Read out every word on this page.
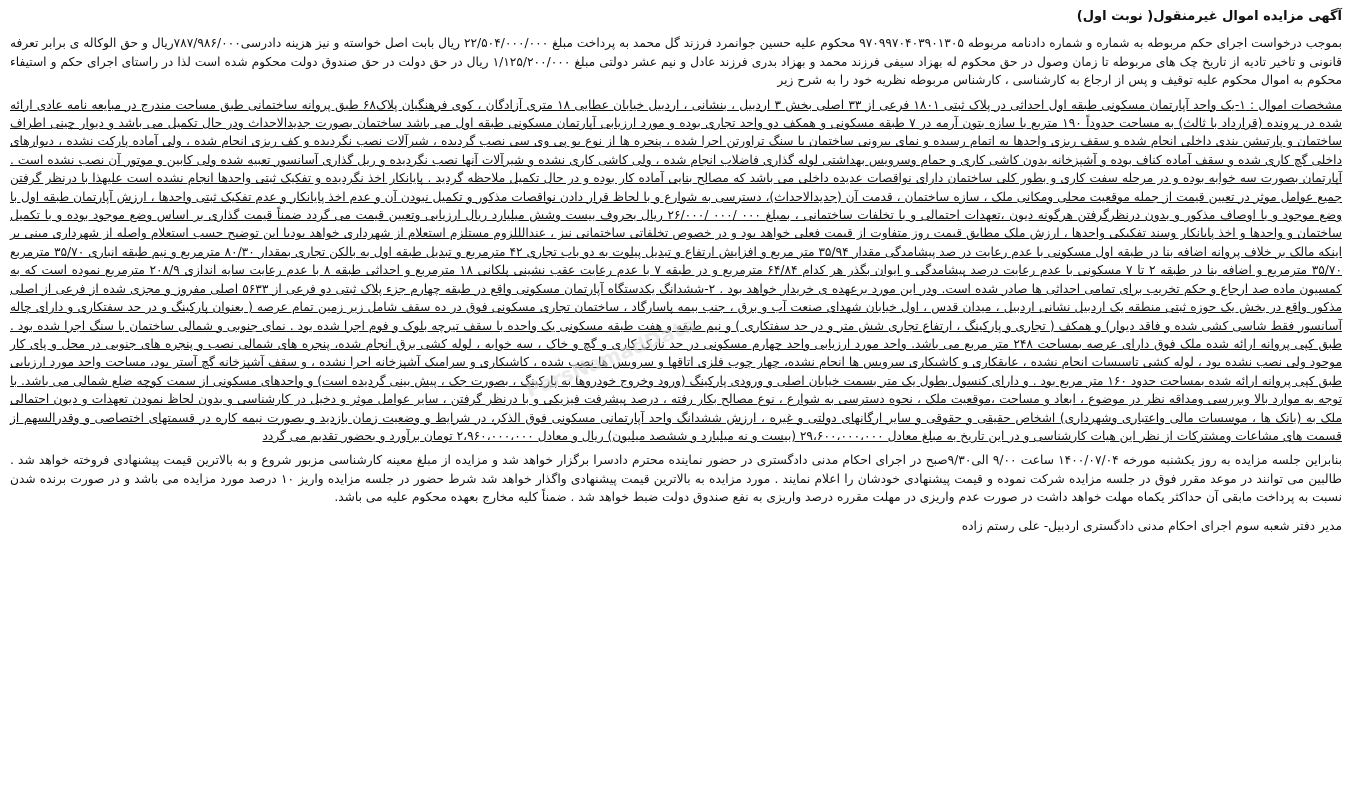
آگهی مزایده اموال غیرمنقول( نوبت اول)
بموجب درخواست اجرای حکم مربوطه به شماره و شماره دادنامه مربوطه ۹۷۰۹۹۷۰۴۰۳۹۰۱۳۰۵ محکوم علیه حسین جوانمرد فرزند گل محمد به پرداخت مبلغ ۲۲/۵۰۴/۰۰۰/۰۰۰ ریال بابت اصل خواسته و نیز هزینه دادرسی۷۸۷/۹۸۶/۰۰۰ریال و حق الوکاله ی برابر تعرفه قانونی و تاخیر تادیه از تاریخ چک های مربوطه تا زمان وصول در حق محکوم له بهزاد سیفی فرزند محمد و بهزاد بدری فرزند عادل و نیم عشر دولتی مبلغ ۱/۱۲۵/۲۰۰/۰۰۰ ریال در حق دولت در حق صندوق دولت محکوم شده است لذا در راستای اجرای حکم و استیفاء محکوم به اموال محکوم علیه توقیف و پس از ارجاع به کارشناسی ، کارشناس مربوطه نظریه خود را به شرح زیر
مشخصات اموال : ۱-یک واحد آپارتمان مسکونی طبقه اول احداثی در پلاک ثبتی ۱۸۰۱ فرعی از ۳۳ اصلی بخش ۳ اردبیل ، بنشانی ، اردبیل خیابان عطایی ۱۸ متری آزادگان ، کوی فرهنگیان پلاک۶۸ طبق پروانه ساختمانی طبق مساحت مندرج در مبایعه نامه عادی ارائه شده در پرونده (قرارداد با ثالث) به مساحت حدوداً ۱۹۰ متربع با سازه بتون آرمه در ۷ طبقه مسکونی و همکف دو واحد تجاری بوده و مورد ارزیابی آپارتمان مسکونی طبقه اول می باشد ساختمان بصورت جدیدالاحداث ودر حال تکمیل می باشد و دیوار چینی اطراف ساختمان و پارتیشن بندی داخلی انجام شده و سقف ریزی واحدها به اتمام رسیده و نمای بیرونی ساختمان با سنگ تراورتن اجرا شده ، پنجره ها از نوع یو پی وی سی نصب گردیده ، شیرآلات نصب نگردیده و کف ریزی انجام شده ، ولی آماده پارکت نشده ، دیوارهای داخلی گچ کاری شده و سقف آماده کناف بوده و آشپزخانه بدون کاشی کاری و حمام وسرویس بهداشتی لوله گذاری فاضلاب انجام شده ، ولی کاشی کاری نشده و شیرآلات آنها نصب نگردیده و ریل گذاری آسانسور تعبیه شده ولی کابین و موتور آن نصب نشده است . آپارتمان بصورت سه خوابه بوده و در مرحله سفت کاری و بطور کلی ساختمان دارای نواقصات عدیده داخلی می باشد که مصالح بنایی آماده کار بوده و در حال تکمیل ملاحظه گردید . پایانکار اخذ نگردیده و تفکیک ثبتی واحدها انجام نشده است علیهذا با درنظر گرفتن جمیع عوامل موثر در تعیین قیمت از جمله موقعیت محلی ومکانی ملک ، سازه ساختمان ، قدمت آن (جدیدالاحداث)، دسترسی به شوارع و با لحاظ قرار دادن نواقصات مذکور و تکمیل نبودن آن و عدم اخذ پایانکار و عدم تفکیک ثبتی واحدها ، ارزش آپارتمان طبقه اول با وضع موجود و با اوصاف مذکور و بدون درنظرگرفتن هرگونه دیون ،تعهدات احتمالی و با تخلفات ساختمانی ، بمبلغ ۰۰۰ /۰۰۰ /۲۶/۰۰۰ ریال بحروف بیست وشش میلیارد ریال ارزیابی وتعیین قیمت می گردد ضمناً قیمت گذاری بر اساس وضع موجود بوده و با تکمیل ساختمان و واحدها و اخذ پایانکار وسند تفکیکی واحدها ، ارزش ملک مطابق قیمت روز متفاوت از قیمت فعلی خواهد بود و در خصوص تخلفاتی ساختمانی نیز ، عندالللزوم مستلزم استعلام از شهرداری خواهد بودبا این توضیح حسب استعلام واصله از شهرداری مبنی بر اینکه مالک بر خلاف پروانه اضافه بنا در طبقه اول مسکونی با عدم رعایت در صد پیشامدگی مقدار ۳۵/۹۴ متر مربع و افزایش ارتفاع و تبدیل پیلوت به دو باب تجاری ۴۲ مترمربع و تبدیل طبقه اول به بالکن تجاری بمقدار ۸۰/۳۰ مترمربع و نیم طبقه انباری ۳۵/۷۰ مترمربع ۳۵/۷۰ مترمربع و اضافه بنا در طبقه ۲ تا ۷ مسکونی با عدم رعایت درصد پیشامدگی و ایوان بگذر هر کدام ۶۴/۸۴ مترمربع و در طبقه ۷ با عدم رعایت عقب نشینی پلکانی ۱۸ مترمربع و احداثی طبقه ۸ با عدم رعایت سایه اندازی ۲۰۸/۹ مترمربع نموده است که به کمسیون ماده صد ارجاع و حکم تخریب برای تمامی احداثی ها صادر شده است. ودر این مورد برعهده ی خریدار خواهد بود . ۲-ششدانگ یکدستگاه آپارتمان مسکونی واقع در طبقه چهارم جزء پلاک ثبتی دو فرعی از ۵۶۳۳ اصلی مفروز و مجزی شده از فرعی از اصلی مذکور واقع در بخش یک حوزه ثبتی منطقه یک اردبیل نشانی اردبیل ، میدان قدس ، اول خیابان شهدای صنعت آب و برق ، جنب بیمه پاسارگاد ، ساختمان تجاری مسکونی فوق در ده سقف شامل زیر زمین تمام عرصه ( بعنوان پارکینگ و در حد سفتکاری و دارای چاله آسانسور فقط شاسی کشی شده و فاقد دیوار) و همکف ( تجاری و پارکینگ ، ارتفاع تجاری شش متر و در حد سفتکاری ) و نیم طبقه و هفت طبقه مسکونی یک واحده با سقف تیرچه بلوک و فوم اجرا شده بود . نمای جنوبی و شمالی ساختمان با سنگ اجرا شده بود . طبق کپی پروانه ارائه شده ملک فوق دارای عرصه بمساحت ۲۴۸ متر مربع می باشد. واحد مورد ارزیابی واحد چهارم مسکونی در حد نازک کاری و گچ و خاک ، سه خوابه ، لوله کشی برق انجام شده، پنجره های شمالی نصب و پنجره های جنوبی در محل و پای کار موجود ولی نصب نشده بود ، لوله کشی تاسیسات انجام نشده ، عایقکاری و کاشیکاری سرویس ها انجام نشده، چهار چوب فلزی اتاقها و سرویس ها نصب شده ، کاشیکاری و سرامیک آشپزخانه اجرا نشده ، و سقف آشپزخانه گچ آستر بود، مساحت واحد مورد ارزیابی طبق کپی پروانه ارائه شده بمساحت حدود ۱۶۰ متر مربع بود . و دارای کنسول بطول یک متر بسمت خیابان اصلی و ورودی پارکینگ (ورود وخروج خودروها به پارکینگ ، بصورت جک ، پیش بینی گردیده است) و واحدهای مسکونی از سمت کوچه ضلع شمالی می باشد. با توجه به موارد بالا وبررسی ومداقه نظر در موضوع ، ابعاد و مساحت ،موقعیت ملک ، نحوه دسترسی به شوارع ، نوع مصالح بکار رفته ، درصد پیشرفت فیزیکی و با درنظر گرفتن ، سایر عوامل موثر و دخیل در کارشناسی و بدون لحاظ نمودن تعهدات و دیون احتمالی ملک به (بانک ها ، موسسات مالی واعتباری وشهرداری) اشخاص حقیقی و حقوقی و سایر ارگانهای دولتی و غیره ، ارزش ششدانگ واحد آپارتمانی مسکونی فوق الذکر، در شرایط و وضعیت زمان بازدید و بصورت نیمه کاره در قسمتهای اختصاصی و وقدرالسهم از قسمت های مشاعات ومشترکات از نظر این هیات کارشناسی و در این تاریخ به مبلغ معادل ۲۹،۶۰۰،۰۰۰،۰۰۰ (بیست و نه میلیارد و ششصد میلیون) ریال و معادل ۲،۹۶۰،۰۰۰،۰۰۰ تومان برآورد و بحضور تقدیم می گردد
بنابراین جلسه مزایده به روز یکشنبه مورخه ۱۴۰۰/۰۷/۰۴ ساعت ۹/۰۰ الی۹/۳۰صبح در اجرای احکام مدنی دادگستری در حضور نماینده محترم دادسرا برگزار خواهد شد و مزایده از مبلغ معینه کارشناسی مزبور شروع و به بالاترین قیمت پیشنهادی فروخته خواهد شد . طالبین می توانند در موعد مقرر فوق در جلسه مزایده شرکت نموده و قیمت پیشنهادی خودشان را اعلام نمایند . مورد مزایده به بالاترین قیمت پیشنهادی واگذار خواهد شد شرط حضور در جلسه مزایده واریز ۱۰ درصد مورد مزایده می باشد و در صورت برنده شدن نسبت به پرداخت مابقی آن حداکثر یکماه مهلت خواهد داشت در صورت عدم واریزی در مهلت مقرره درصد واریزی به نفع صندوق دولت ضبط خواهد شد . ضمناً کلیه مخارج بعهده محکوم علیه می باشد.
مدیر دفتر شعبه سوم اجرای احکام مدنی دادگستری اردبیل- علی رستم زاده
ParsNamadData
